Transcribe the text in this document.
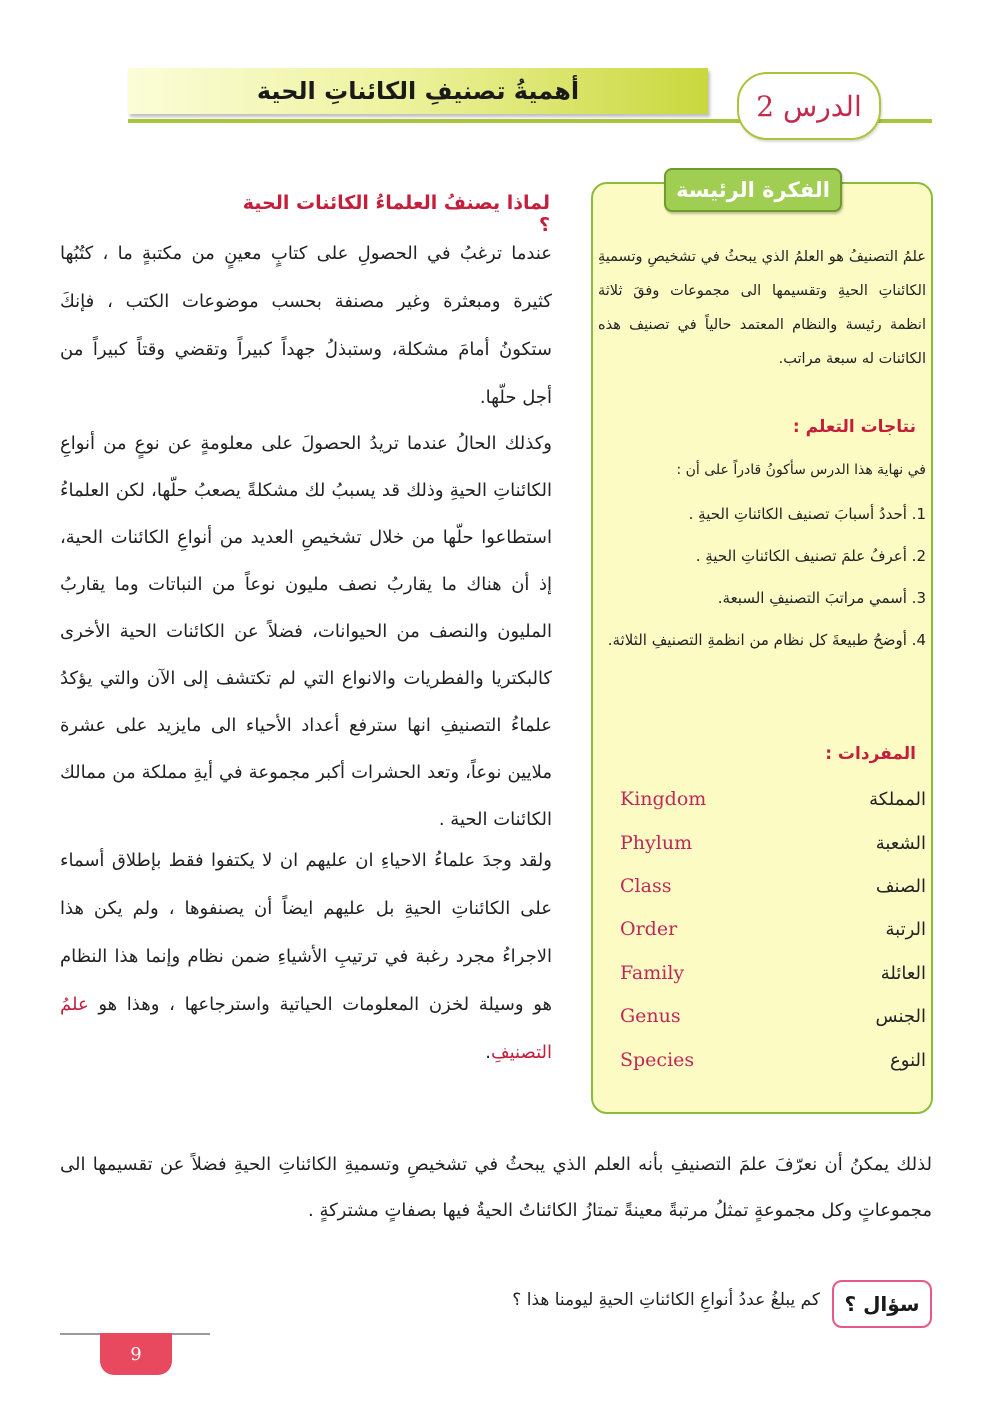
أهميةُ تصنيفِ الكائناتِ الحية	الدرس 2
الفكرة الرئيسة
علمُ التصنيفُ هو العلمُ الذي يبحثُ في تشخيصِ وتسميةِ الكائناتِ الحيةِ وتقسيمها الى مجموعات وفقَ ثلاثة انظمة رئيسة والنظام المعتمد حالياً في تصنيف هذه الكائنات له سبعة مراتب.
نتاجات التعلم :
في نهاية هذا الدرس سأكونُ قادراً على أن :
1. أحددُ أسبابَ تصنيف الكائناتِ الحيةِ .
2. أعرفُ علمَ تصنيف الكائناتِ الحيةِ .
3. أسمي مراتبَ التصنيفِ السبعة.
4. أوضحُ طبيعةَ كل نظام من انظمةِ التصنيفِ الثلاثة.
المفردات :
Kingdom	المملكة
Phylum	الشعبة
Class	الصنف
Order	الرتبة
Family	العائلة
Genus	الجنس
Species	النوع
لماذا يصنفُ العلماءُ الكائنات الحية ؟
عندما ترغبُ في الحصولِ على كتابٍ معينٍ من مكتبةٍ ما ، كتُبُها كثيرة ومبعثرة وغير مصنفة بحسب موضوعات الكتب ، فإنكَ ستكونُ أمامَ مشكلة، وستبذلُ جهداً كبيراً وتقضي وقتاً كبيراً من أجل حلّها.
وكذلك الحالُ عندما تريدُ الحصولَ على معلومةٍ عن نوعٍ من أنواعِ الكائناتِ الحيةِ وذلك قد يسببُ لك مشكلةً يصعبُ حلّها، لكن العلماءُ استطاعوا حلّها من خلال تشخيصِ العديد من أنواعِ الكائنات الحية، إذ أن هناك ما يقاربُ نصف مليون نوعاً من النباتات وما يقاربُ المليون والنصف من الحيوانات، فضلاً عن الكائنات الحية الأخرى كالبكتريا والفطريات والانواع التي لم تكتشف إلى الآن والتي يؤكدُ علماءُ التصنيفِ انها سترفع أعداد الأحياء الى مايزيد على عشرة ملايين نوعاً، وتعد الحشرات أكبر مجموعة في أيةِ مملكة من ممالك الكائنات الحية .
ولقد وجدَ علماءُ الاحياءِ ان عليهم ان لا يكتفوا فقط بإطلاق أسماء على الكائناتِ الحيةِ بل عليهم ايضاً أن يصنفوها ، ولم يكن هذا الاجراءُ مجرد رغبة في ترتيبِ الأشياءِ ضمن نظام وإنما هذا النظام هو وسيلة لخزن المعلومات الحياتية واسترجاعها ، وهذا هو علمُ التصنيفِ.
لذلك يمكنُ أن نعرّفَ علمَ التصنيفِ بأنه العلم الذي يبحثُ في تشخيصِ وتسميةِ الكائناتِ الحيةِ فضلاً عن تقسيمها الى مجموعاتٍ وكل مجموعةٍ تمثلُ مرتبةً معينةً تمتازُ الكائناتُ الحيةُ فيها بصفاتٍ مشتركةٍ .
سؤال ؟
كم يبلغُ عددُ أنواعِ الكائناتِ الحيةِ ليومنا هذا ؟
9
